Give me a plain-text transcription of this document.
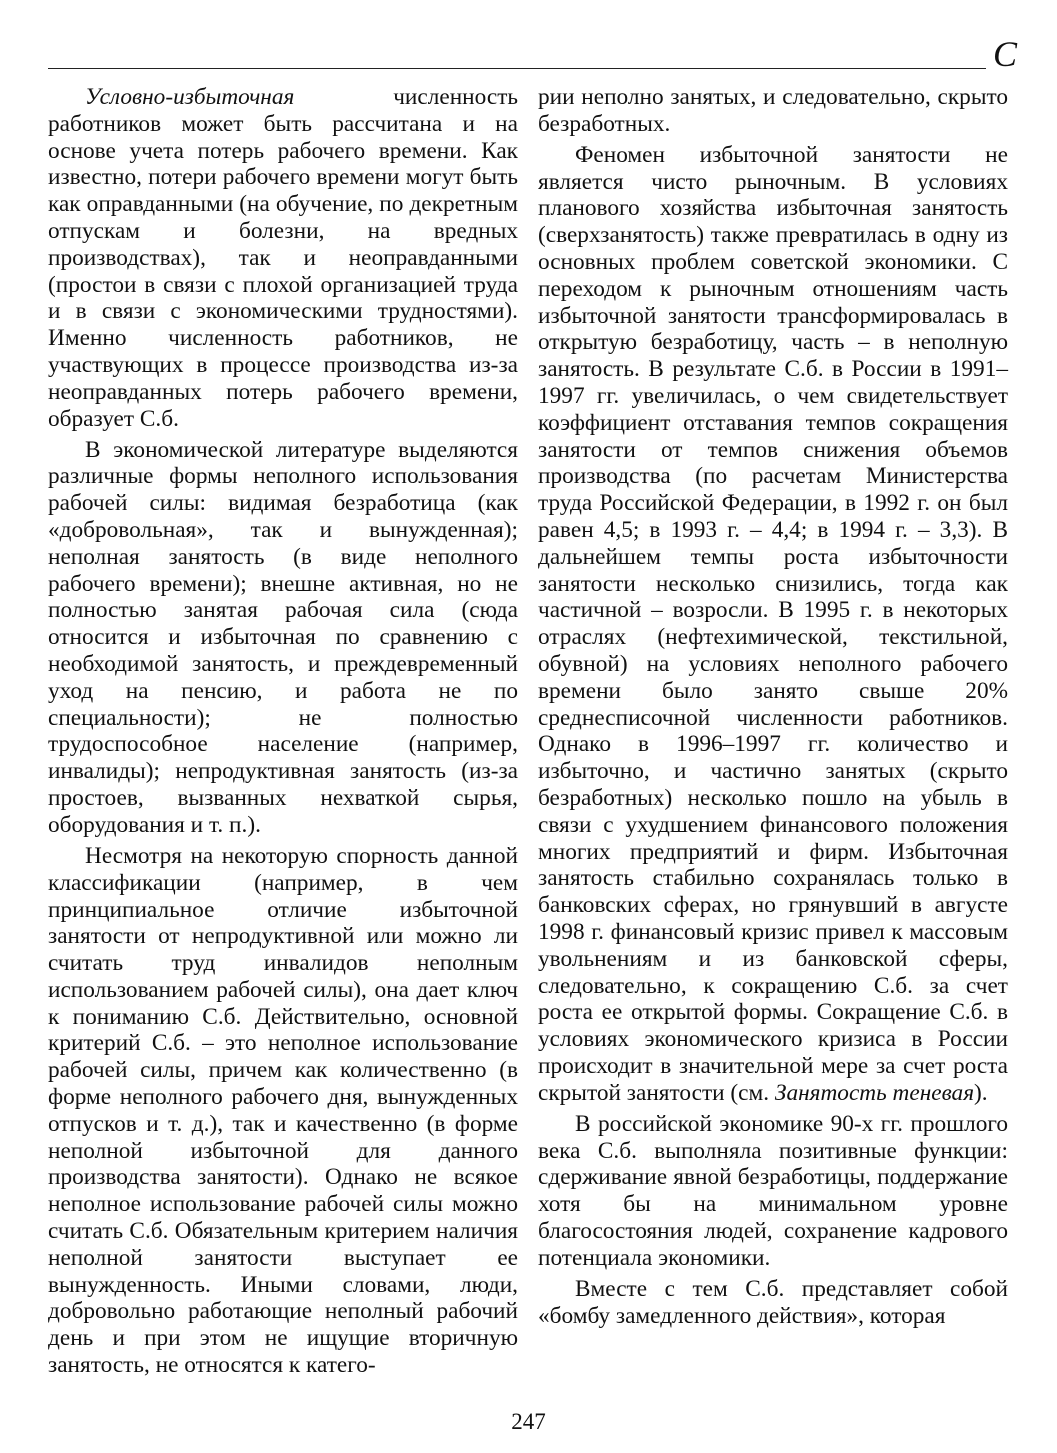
С

Условно-избыточная численность работников может быть рассчитана и на основе учета потерь рабочего времени. Как известно, потери рабочего времени могут быть как оправданными (на обучение, по декретным отпускам и болезни, на вредных производствах), так и неоправданными (простои в связи с плохой организацией труда и в связи с экономическими трудностями). Именно численность работников, не участвующих в процессе производства из-за неоправданных потерь рабочего времени, образует С.б.

В экономической литературе выделяются различные формы неполного использования рабочей силы: видимая безработица (как «добровольная», так и вынужденная); неполная занятость (в виде неполного рабочего времени); внешне активная, но не полностью занятая рабочая сила (сюда относится и избыточная по сравнению с необходимой занятость, и преждевременный уход на пенсию, и работа не по специальности); не полностью трудоспособное население (например, инвалиды); непродуктивная занятость (из-за простоев, вызванных нехваткой сырья, оборудования и т. п.).

Несмотря на некоторую спорность данной классификации (например, в чем принципиальное отличие избыточной занятости от непродуктивной или можно ли считать труд инвалидов неполным использованием рабочей силы), она дает ключ к пониманию С.б. Действительно, основной критерий С.б. – это неполное использование рабочей силы, причем как количественно (в форме неполного рабочего дня, вынужденных отпусков и т. д.), так и качественно (в форме неполной избыточной для данного производства занятости). Однако не всякое неполное использование рабочей силы можно считать С.б. Обязательным критерием наличия неполной занятости выступает ее вынужденность. Иными словами, люди, добровольно работающие неполный рабочий день и при этом не ищущие вторичную занятость, не относятся к катего-

рии неполно занятых, и следовательно, скрыто безработных.

Феномен избыточной занятости не является чисто рыночным. В условиях планового хозяйства избыточная занятость (сверхзанятость) также превратилась в одну из основных проблем советской экономики. С переходом к рыночным отношениям часть избыточной занятости трансформировалась в открытую безработицу, часть – в неполную занятость. В результате С.б. в России в 1991–1997 гг. увеличилась, о чем свидетельствует коэффициент отставания темпов сокращения занятости от темпов снижения объемов производства (по расчетам Министерства труда Российской Федерации, в 1992 г. он был равен 4,5; в 1993 г. – 4,4; в 1994 г. – 3,3). В дальнейшем темпы роста избыточности занятости несколько снизились, тогда как частичной – возросли. В 1995 г. в некоторых отраслях (нефтехимической, текстильной, обувной) на условиях неполного рабочего времени было занято свыше 20% среднесписочной численности работников. Однако в 1996–1997 гг. количество и избыточно, и частично занятых (скрыто безработных) несколько пошло на убыль в связи с ухудшением финансового положения многих предприятий и фирм. Избыточная занятость стабильно сохранялась только в банковских сферах, но грянувший в августе 1998 г. финансовый кризис привел к массовым увольнениям и из банковской сферы, следовательно, к сокращению С.б. за счет роста ее открытой формы. Сокращение С.б. в условиях экономического кризиса в России происходит в значительной мере за счет роста скрытой занятости (см. Занятость теневая).

В российской экономике 90-х гг. прошлого века С.б. выполняла позитивные функции: сдерживание явной безработицы, поддержание хотя бы на минимальном уровне благосостояния людей, сохранение кадрового потенциала экономики.

Вместе с тем С.б. представляет собой «бомбу замедленного действия», которая

247
